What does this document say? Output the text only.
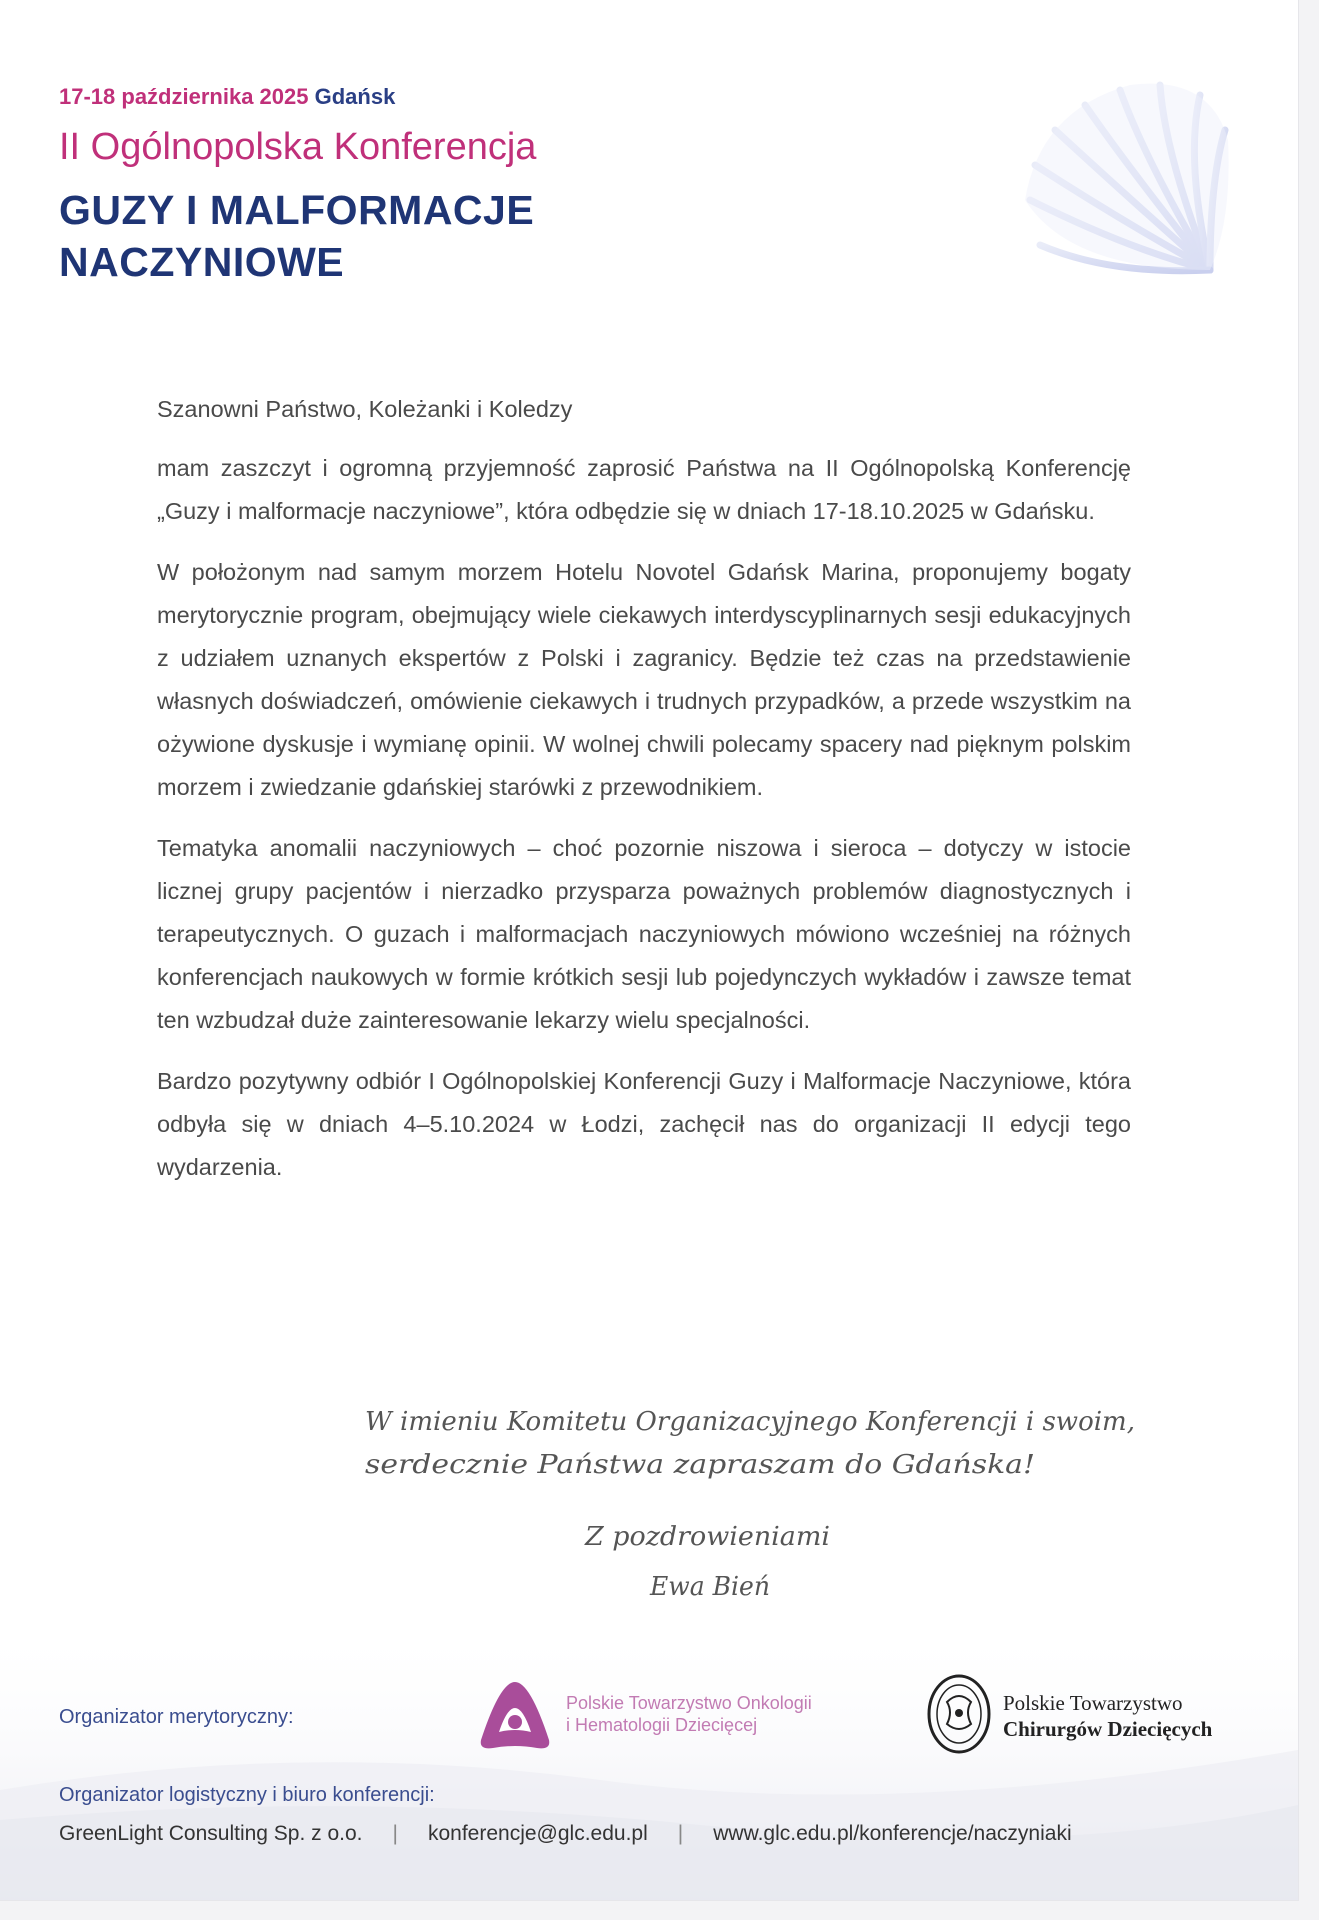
17-18 października 2025 Gdańsk
II Ogólnopolska Konferencja
GUZY I MALFORMACJE
NACZYNIOWE

Szanowni Państwo, Koleżanki i Koledzy

mam zaszczyt i ogromną przyjemność zaprosić Państwa na II Ogólnopolską Konferencję „Guzy i malformacje naczyniowe”, która odbędzie się w dniach 17-18.10.2025 w Gdańsku.

W położonym nad samym morzem Hotelu Novotel Gdańsk Marina, proponujemy bogaty merytorycznie program, obejmujący wiele ciekawych interdyscyplinarnych sesji edukacyjnych z udziałem uznanych ekspertów z Polski i zagranicy. Będzie też czas na przedstawienie własnych doświadczeń, omówienie ciekawych i trudnych przypadków, a przede wszystkim na ożywione dyskusje i wymianę opinii. W wolnej chwili polecamy spacery nad pięknym polskim morzem i zwiedzanie gdańskiej starówki z przewodnikiem.

Tematyka anomalii naczyniowych – choć pozornie niszowa i sieroca – dotyczy w istocie licznej grupy pacjentów i nierzadko przysparza poważnych problemów diagnostycznych i terapeutycznych. O guzach i malformacjach naczyniowych mówiono wcześniej na różnych konferencjach naukowych w formie krótkich sesji lub pojedynczych wykładów i zawsze temat ten wzbudzał duże zainteresowanie lekarzy wielu specjalności.

Bardzo pozytywny odbiór I Ogólnopolskiej Konferencji Guzy i Malformacje Naczyniowe, która odbyła się w dniach 4–5.10.2024 w Łodzi, zachęcił nas do organizacji II edycji tego wydarzenia.

W imieniu Komitetu Organizacyjnego Konferencji i swoim,
serdecznie Państwa zapraszam do Gdańska!
Z pozdrowieniami
Ewa Bień
Organizator merytoryczny:
Polskie Towarzystwo Onkologii
i Hematologii Dziecięcej
Polskie Towarzystwo
Chirurgów Dziecięcych
Organizator logistyczny i biuro konferencji:
GreenLight Consulting Sp. z o.o. | konferencje@glc.edu.pl | www.glc.edu.pl/konferencje/naczyniaki
